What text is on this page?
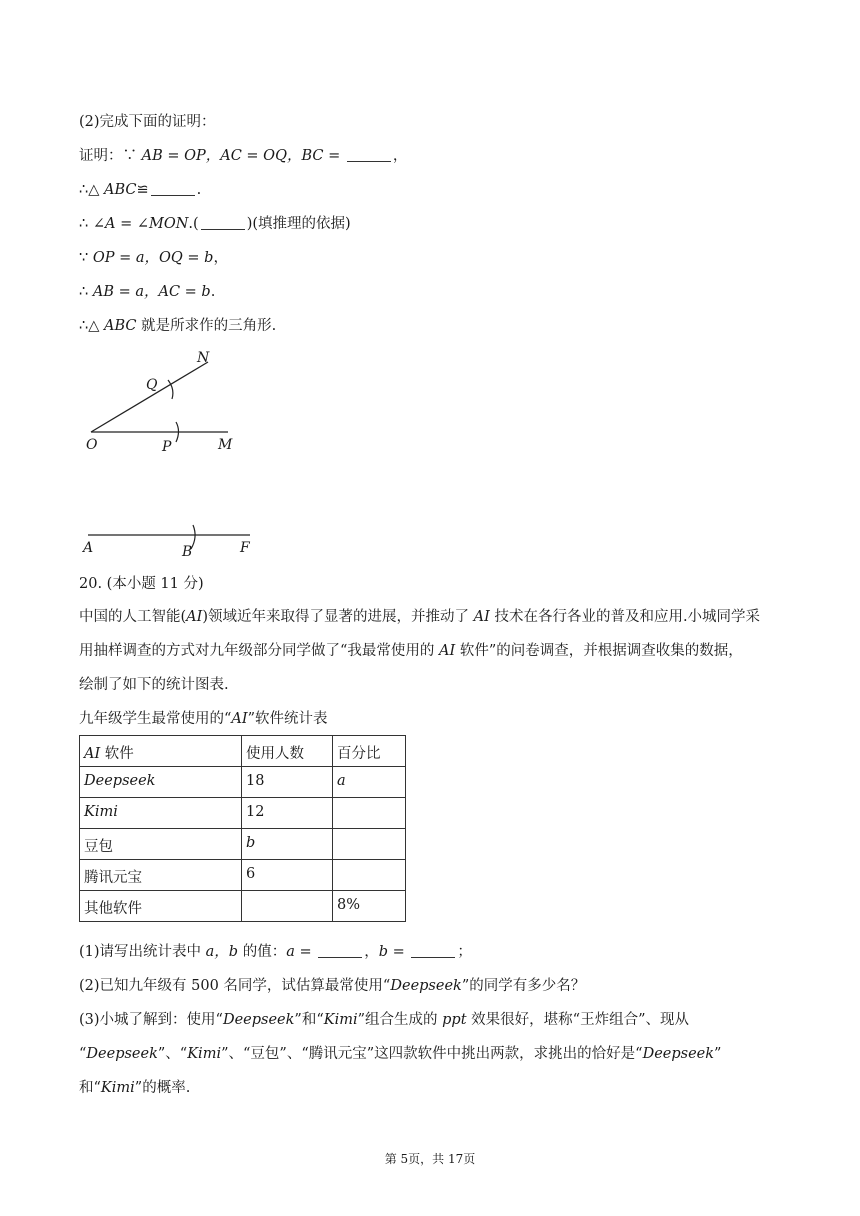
(2)完成下面的证明：
证明：∵ AB = OP，AC = OQ，BC =	，
∴△ ABC≌	.
∴ ∠A = ∠MON.(	)(填推理的依据)
∵ OP = a，OQ = b，
∴ AB = a，AC = b.
∴△ ABC 就是所求作的三角形.
N
Q
O	P	M
A	B	F
20. (本小题 11 分)
中国的人工智能(AI)领域近年来取得了显著的进展，并推动了 AI 技术在各行各业的普及和应用.小城同学采
用抽样调查的方式对九年级部分同学做了“我最常使用的 AI 软件”的问卷调查，并根据调查收集的数据，
绘制了如下的统计图表.
九年级学生最常使用的“AI”软件统计表
AI 软件	使用人数	百分比
Deepseek	18	a
Kimi	12	
豆包	b	
腾讯元宝	6	
其他软件		8%
(1)请写出统计表中 a，b 的值：a =	，b =	；
(2)已知九年级有 500 名同学，试估算最常使用“Deepseek”的同学有多少名？
(3)小城了解到：使用“Deepseek”和“Kimi”组合生成的 ppt 效果很好，堪称“王炸组合”、现从
“Deepseek”、“Kimi”、“豆包”、“腾讯元宝”这四款软件中挑出两款，求挑出的恰好是“Deepseek”
和“Kimi”的概率.
第 5页，共 17页
